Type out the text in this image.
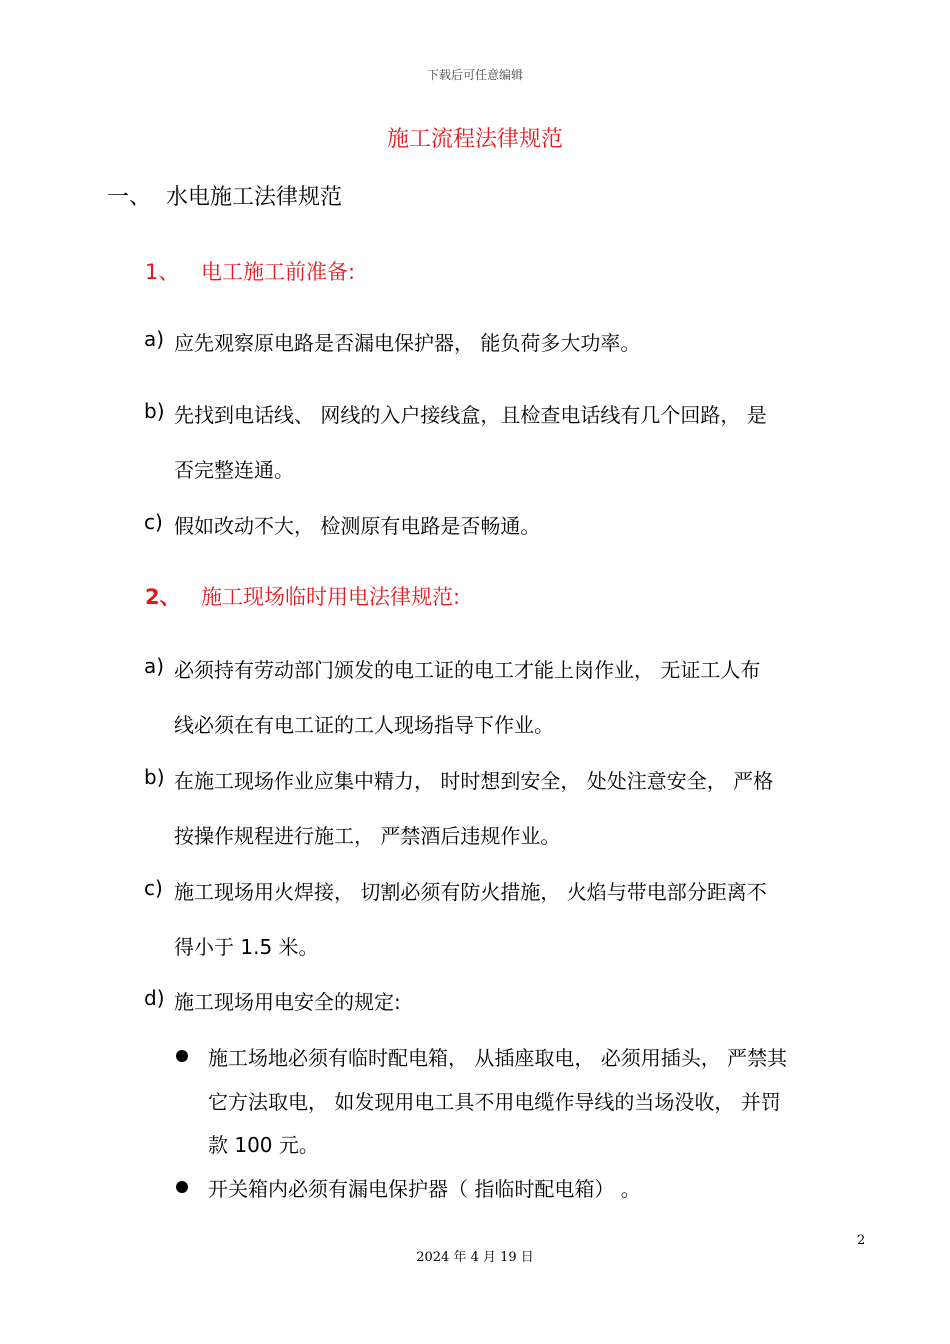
下载后可任意编辑
施工流程法律规范
一、 水电施工法律规范
1、 电工施工前准备:
a) 应先观察原电路是否漏电保护器， 能负荷多大功率。
b) 先找到电话线、 网线的入户接线盒，且检查电话线有几个回路， 是
否完整连通。
c) 假如改动不大， 检测原有电路是否畅通。
2、 施工现场临时用电法律规范:
a) 必须持有劳动部门颁发的电工证的电工才能上岗作业， 无证工人布
线必须在有电工证的工人现场指导下作业。
b) 在施工现场作业应集中精力， 时时想到安全， 处处注意安全， 严格
按操作规程进行施工， 严禁酒后违规作业。
c) 施工现场用火焊接， 切割必须有防火措施， 火焰与带电部分距离不
得小于 1.5 米。
d) 施工现场用电安全的规定:
施工场地必须有临时配电箱， 从插座取电， 必须用插头， 严禁其
它方法取电， 如发现用电工具不用电缆作导线的当场没收， 并罚
款 100 元。
开关箱内必须有漏电保护器（ 指临时配电箱） 。
2
2024 年 4 月 19 日
